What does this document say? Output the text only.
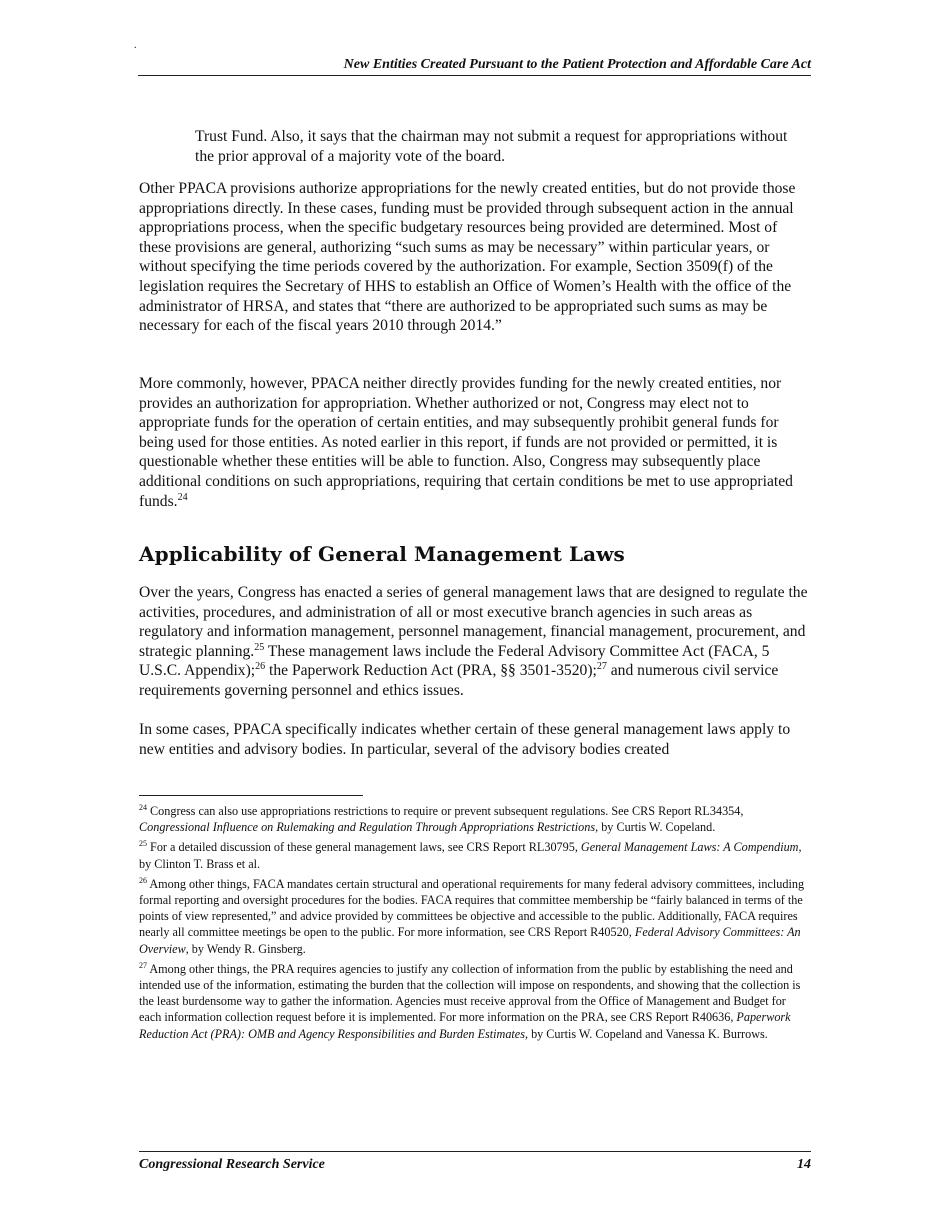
.
New Entities Created Pursuant to the Patient Protection and Affordable Care Act

Trust Fund. Also, it says that the chairman may not submit a request for appropriations without the prior approval of a majority vote of the board.

Other PPACA provisions authorize appropriations for the newly created entities, but do not provide those appropriations directly. In these cases, funding must be provided through subsequent action in the annual appropriations process, when the specific budgetary resources being provided are determined. Most of these provisions are general, authorizing “such sums as may be necessary” within particular years, or without specifying the time periods covered by the authorization. For example, Section 3509(f) of the legislation requires the Secretary of HHS to establish an Office of Women’s Health with the office of the administrator of HRSA, and states that “there are authorized to be appropriated such sums as may be necessary for each of the fiscal years 2010 through 2014.”

More commonly, however, PPACA neither directly provides funding for the newly created entities, nor provides an authorization for appropriation. Whether authorized or not, Congress may elect not to appropriate funds for the operation of certain entities, and may subsequently prohibit general funds for being used for those entities. As noted earlier in this report, if funds are not provided or permitted, it is questionable whether these entities will be able to function. Also, Congress may subsequently place additional conditions on such appropriations, requiring that certain conditions be met to use appropriated funds.$^{24}$

Applicability of General Management Laws

Over the years, Congress has enacted a series of general management laws that are designed to regulate the activities, procedures, and administration of all or most executive branch agencies in such areas as regulatory and information management, personnel management, financial management, procurement, and strategic planning.$^{25}$ These management laws include the Federal Advisory Committee Act (FACA, 5 U.S.C. Appendix);$^{26}$ the Paperwork Reduction Act (PRA, §§ 3501-3520);$^{27}$ and numerous civil service requirements governing personnel and ethics issues.

In some cases, PPACA specifically indicates whether certain of these general management laws apply to new entities and advisory bodies. In particular, several of the advisory bodies created

$^{24}$ Congress can also use appropriations restrictions to require or prevent subsequent regulations. See CRS Report RL34354, Congressional Influence on Rulemaking and Regulation Through Appropriations Restrictions, by Curtis W. Copeland.

$^{25}$ For a detailed discussion of these general management laws, see CRS Report RL30795, General Management Laws: A Compendium, by Clinton T. Brass et al.

$^{26}$ Among other things, FACA mandates certain structural and operational requirements for many federal advisory committees, including formal reporting and oversight procedures for the bodies. FACA requires that committee membership be “fairly balanced in terms of the points of view represented,” and advice provided by committees be objective and accessible to the public. Additionally, FACA requires nearly all committee meetings be open to the public. For more information, see CRS Report R40520, Federal Advisory Committees: An Overview, by Wendy R. Ginsberg.

$^{27}$ Among other things, the PRA requires agencies to justify any collection of information from the public by establishing the need and intended use of the information, estimating the burden that the collection will impose on respondents, and showing that the collection is the least burdensome way to gather the information. Agencies must receive approval from the Office of Management and Budget for each information collection request before it is implemented. For more information on the PRA, see CRS Report R40636, Paperwork Reduction Act (PRA): OMB and Agency Responsibilities and Burden Estimates, by Curtis W. Copeland and Vanessa K. Burrows.

Congressional Research Service	14
